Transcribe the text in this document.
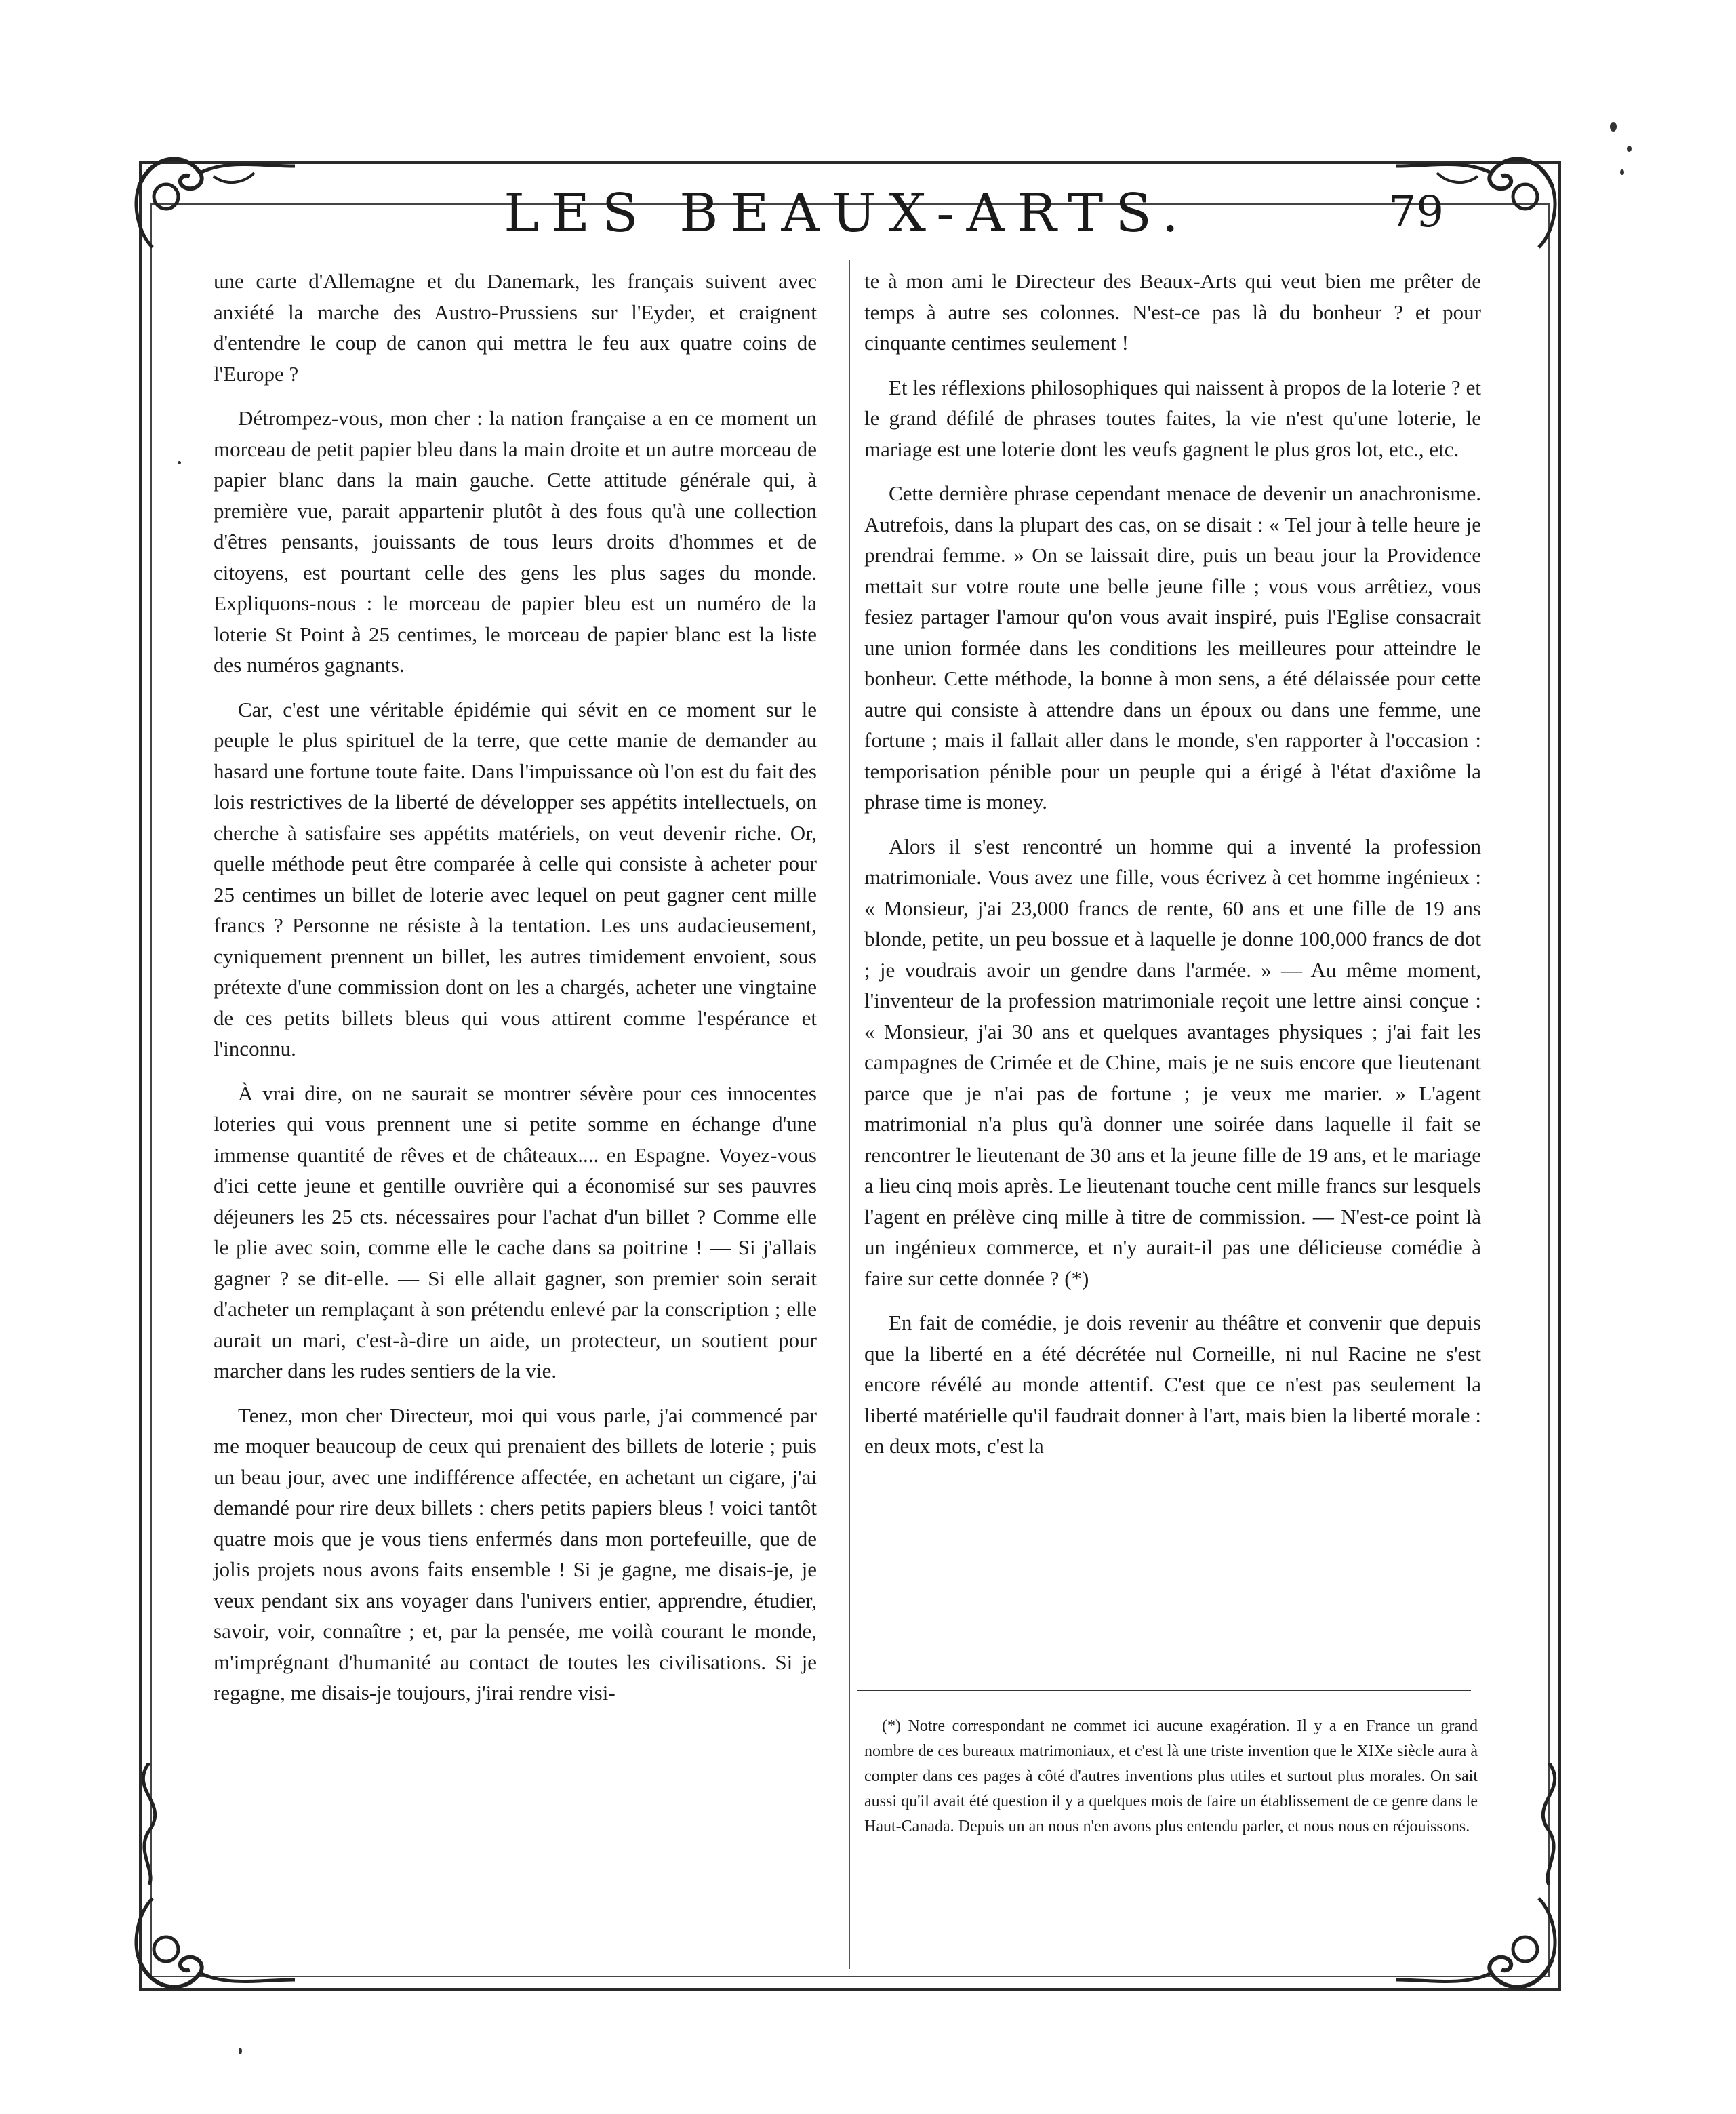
LES BEAUX-ARTS.	79

une carte d'Allemagne et du Danemark, les français suivent avec anxiété la marche des Austro-Prussiens sur l'Eyder, et craignent d'entendre le coup de canon qui mettra le feu aux quatre coins de l'Europe ?

Détrompez-vous, mon cher : la nation française a en ce moment un morceau de petit papier bleu dans la main droite et un autre morceau de papier blanc dans la main gauche. Cette attitude générale qui, à première vue, parait appartenir plutôt à des fous qu'à une collection d'êtres pensants, jouissants de tous leurs droits d'hommes et de citoyens, est pourtant celle des gens les plus sages du monde. Expliquons-nous : le morceau de papier bleu est un numéro de la loterie St Point à 25 centimes, le morceau de papier blanc est la liste des numéros gagnants.

Car, c'est une véritable épidémie qui sévit en ce moment sur le peuple le plus spirituel de la terre, que cette manie de demander au hasard une fortune toute faite. Dans l'impuissance où l'on est du fait des lois restrictives de la liberté de développer ses appétits intellectuels, on cherche à satisfaire ses appétits matériels, on veut devenir riche. Or, quelle méthode peut être comparée à celle qui consiste à acheter pour 25 centimes un billet de loterie avec lequel on peut gagner cent mille francs ? Personne ne résiste à la tentation. Les uns audacieusement, cyniquement prennent un billet, les autres timidement envoient, sous prétexte d'une commission dont on les a chargés, acheter une vingtaine de ces petits billets bleus qui vous attirent comme l'espérance et l'inconnu.

À vrai dire, on ne saurait se montrer sévère pour ces innocentes loteries qui vous prennent une si petite somme en échange d'une immense quantité de rêves et de châteaux.... en Espagne. Voyez-vous d'ici cette jeune et gentille ouvrière qui a économisé sur ses pauvres déjeuners les 25 cts. nécessaires pour l'achat d'un billet ? Comme elle le plie avec soin, comme elle le cache dans sa poitrine ! — Si j'allais gagner ? se dit-elle. — Si elle allait gagner, son premier soin serait d'acheter un remplaçant à son prétendu enlevé par la conscription ; elle aurait un mari, c'est-à-dire un aide, un protecteur, un soutient pour marcher dans les rudes sentiers de la vie.

Tenez, mon cher Directeur, moi qui vous parle, j'ai commencé par me moquer beaucoup de ceux qui prenaient des billets de loterie ; puis un beau jour, avec une indifférence affectée, en achetant un cigare, j'ai demandé pour rire deux billets : chers petits papiers bleus ! voici tantôt quatre mois que je vous tiens enfermés dans mon portefeuille, que de jolis projets nous avons faits ensemble ! Si je gagne, me disais-je, je veux pendant six ans voyager dans l'univers entier, apprendre, étudier, savoir, voir, connaître ; et, par la pensée, me voilà courant le monde, m'imprégnant d'humanité au contact de toutes les civilisations. Si je regagne, me disais-je toujours, j'irai rendre visi-

te à mon ami le Directeur des Beaux-Arts qui veut bien me prêter de temps à autre ses colonnes. N'est-ce pas là du bonheur ? et pour cinquante centimes seulement !

Et les réflexions philosophiques qui naissent à propos de la loterie ? et le grand défilé de phrases toutes faites, la vie n'est qu'une loterie, le mariage est une loterie dont les veufs gagnent le plus gros lot, etc., etc.

Cette dernière phrase cependant menace de devenir un anachronisme. Autrefois, dans la plupart des cas, on se disait : « Tel jour à telle heure je prendrai femme. » On se laissait dire, puis un beau jour la Providence mettait sur votre route une belle jeune fille ; vous vous arrêtiez, vous fesiez partager l'amour qu'on vous avait inspiré, puis l'Eglise consacrait une union formée dans les conditions les meilleures pour atteindre le bonheur. Cette méthode, la bonne à mon sens, a été délaissée pour cette autre qui consiste à attendre dans un époux ou dans une femme, une fortune ; mais il fallait aller dans le monde, s'en rapporter à l'occasion : temporisation pénible pour un peuple qui a érigé à l'état d'axiôme la phrase time is money.

Alors il s'est rencontré un homme qui a inventé la profession matrimoniale. Vous avez une fille, vous écrivez à cet homme ingénieux : « Monsieur, j'ai 23,000 francs de rente, 60 ans et une fille de 19 ans blonde, petite, un peu bossue et à laquelle je donne 100,000 francs de dot ; je voudrais avoir un gendre dans l'armée. » — Au même moment, l'inventeur de la profession matrimoniale reçoit une lettre ainsi conçue : « Monsieur, j'ai 30 ans et quelques avantages physiques ; j'ai fait les campagnes de Crimée et de Chine, mais je ne suis encore que lieutenant parce que je n'ai pas de fortune ; je veux me marier. » L'agent matrimonial n'a plus qu'à donner une soirée dans laquelle il fait se rencontrer le lieutenant de 30 ans et la jeune fille de 19 ans, et le mariage a lieu cinq mois après. Le lieutenant touche cent mille francs sur lesquels l'agent en prélève cinq mille à titre de commission. — N'est-ce point là un ingénieux commerce, et n'y aurait-il pas une délicieuse comédie à faire sur cette donnée ? (*)

En fait de comédie, je dois revenir au théâtre et convenir que depuis que la liberté en a été décrétée nul Corneille, ni nul Racine ne s'est encore révélé au monde attentif. C'est que ce n'est pas seulement la liberté matérielle qu'il faudrait donner à l'art, mais bien la liberté morale : en deux mots, c'est la

(*) Notre correspondant ne commet ici aucune exagération. Il y a en France un grand nombre de ces bureaux matrimoniaux, et c'est là une triste invention que le XIXe siècle aura à compter dans ces pages à côté d'autres inventions plus utiles et surtout plus morales. On sait aussi qu'il avait été question il y a quelques mois de faire un établissement de ce genre dans le Haut-Canada. Depuis un an nous n'en avons plus entendu parler, et nous nous en réjouissons.
